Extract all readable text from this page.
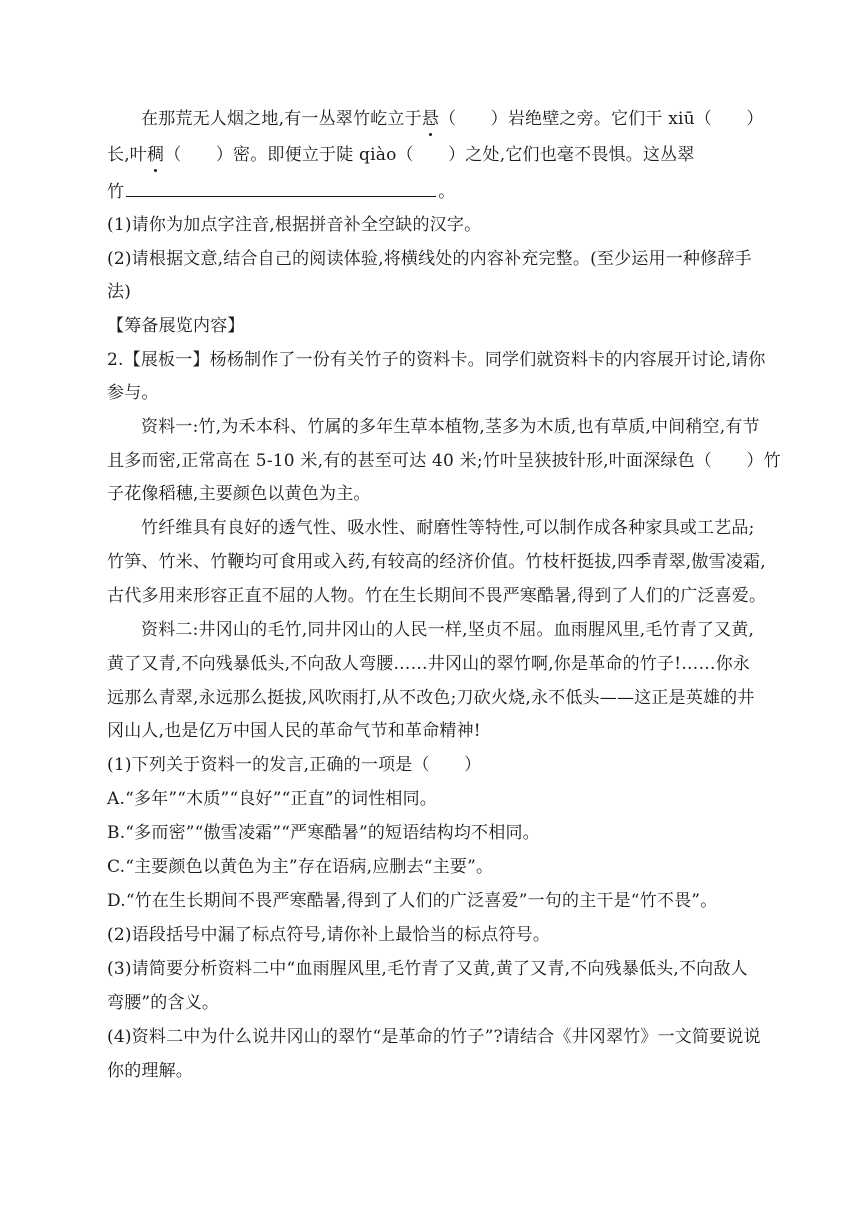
在那荒无人烟之地,有一丛翠竹屹立于悬（　　）岩绝壁之旁。它们干 xiū（　　）
长,叶稠（　　）密。即便立于陡 qiào（　　）之处,它们也毫不畏惧。这丛翠
竹	。
(1)请你为加点字注音,根据拼音补全空缺的汉字。
(2)请根据文意,结合自己的阅读体验,将横线处的内容补充完整。(至少运用一种修辞手
法)
【筹备展览内容】
2.【展板一】杨杨制作了一份有关竹子的资料卡。同学们就资料卡的内容展开讨论,请你
参与。
资料一:竹,为禾本科、竹属的多年生草本植物,茎多为木质,也有草质,中间稍空,有节
且多而密,正常高在 5-10 米,有的甚至可达 40 米;竹叶呈狭披针形,叶面深绿色（　　）竹
子花像稻穗,主要颜色以黄色为主。
竹纤维具有良好的透气性、吸水性、耐磨性等特性,可以制作成各种家具或工艺品;
竹笋、竹米、竹鞭均可食用或入药,有较高的经济价值。竹枝杆挺拔,四季青翠,傲雪凌霜,
古代多用来形容正直不屈的人物。竹在生长期间不畏严寒酷暑,得到了人们的广泛喜爱。
资料二:井冈山的毛竹,同井冈山的人民一样,坚贞不屈。血雨腥风里,毛竹青了又黄,
黄了又青,不向残暴低头,不向敌人弯腰……井冈山的翠竹啊,你是革命的竹子!……你永
远那么青翠,永远那么挺拔,风吹雨打,从不改色;刀砍火烧,永不低头——这正是英雄的井
冈山人,也是亿万中国人民的革命气节和革命精神!
(1)下列关于资料一的发言,正确的一项是（　　）
A.“多年”“木质”“良好”“正直”的词性相同。
B.“多而密”“傲雪凌霜”“严寒酷暑”的短语结构均不相同。
C.“主要颜色以黄色为主”存在语病,应删去“主要”。
D.“竹在生长期间不畏严寒酷暑,得到了人们的广泛喜爱”一句的主干是“竹不畏”。
(2)语段括号中漏了标点符号,请你补上最恰当的标点符号。
(3)请简要分析资料二中“血雨腥风里,毛竹青了又黄,黄了又青,不向残暴低头,不向敌人
弯腰”的含义。
(4)资料二中为什么说井冈山的翠竹“是革命的竹子”?请结合《井冈翠竹》一文简要说说
你的理解。
